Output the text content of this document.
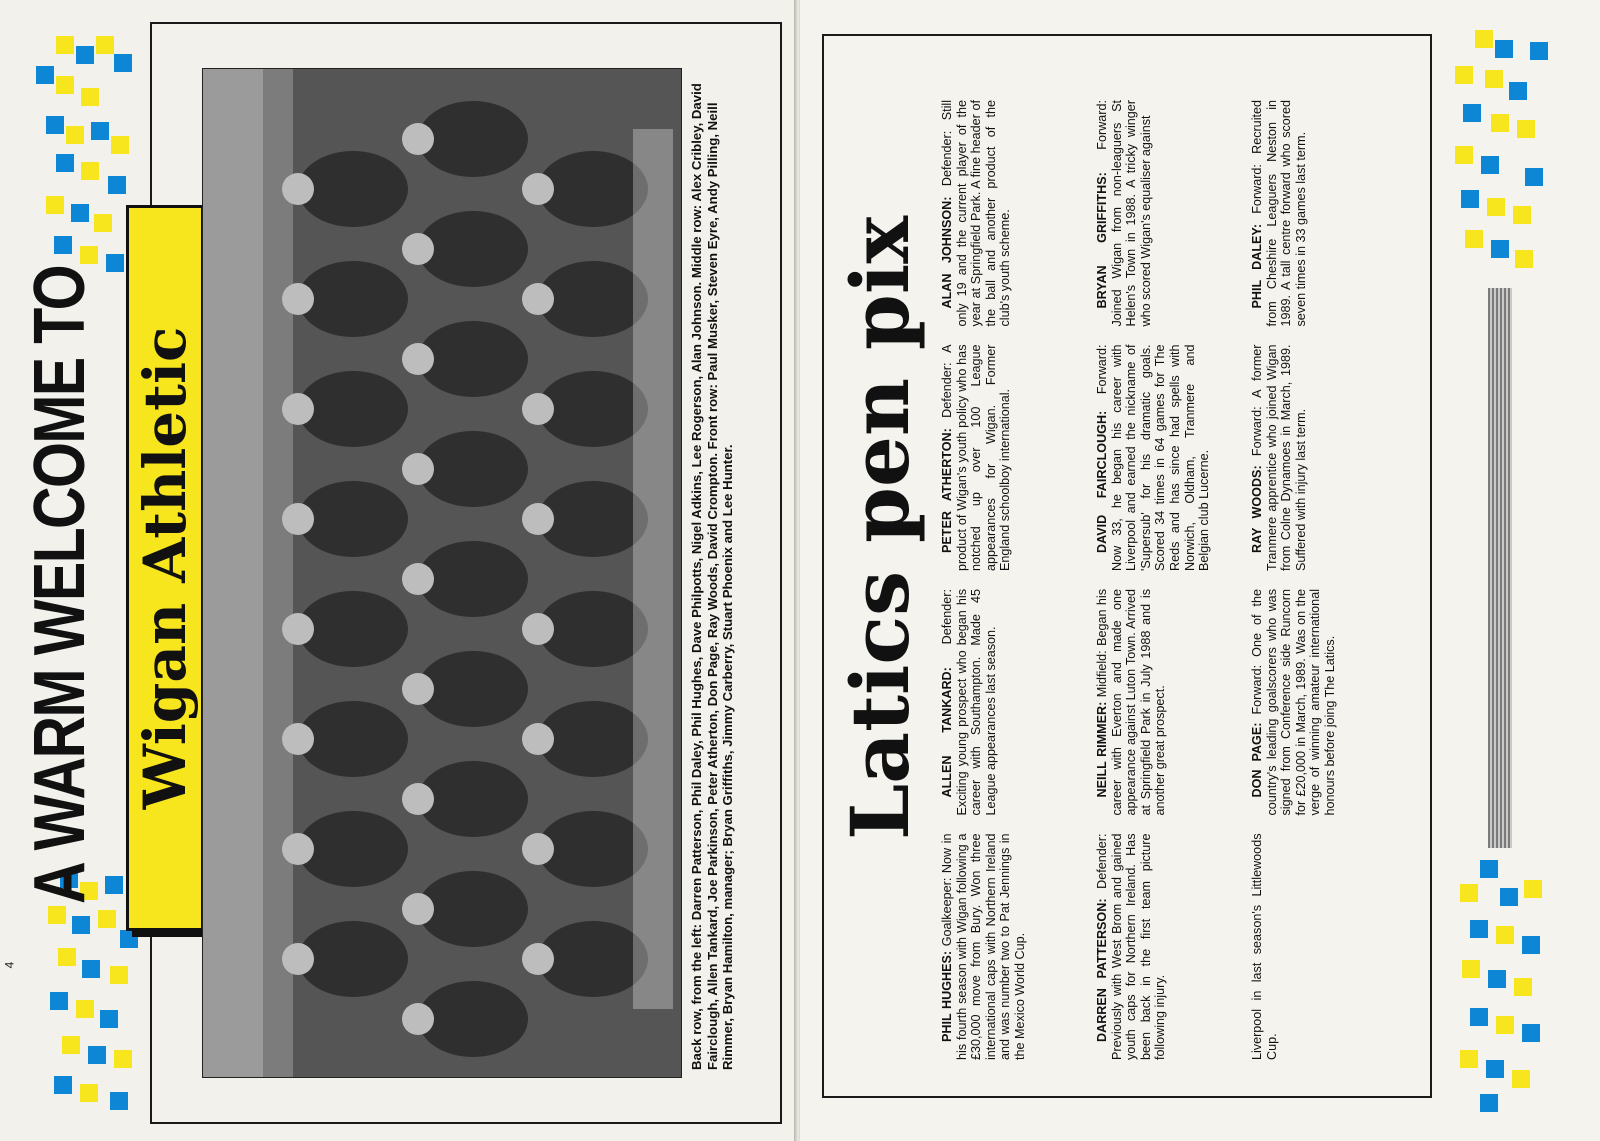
4
A WARM WELCOME TO Wigan Athletic	Back row, from the left: Darren Patterson, Phil Daley, Phil Hughes, Dave Philpotts, Nigel Adkins, Lee Rogerson, Alan Johnson. Middle row: Alex Cribley, David Fairclough, Allen Tankard, Joe Parkinson, Peter Atherton, Don Page, Ray Woods, David Crompton. Front row: Paul Musker, Steven Eyre, Andy Pilling, Neill Rimmer, Bryan Hamilton, manager; Bryan Griffiths, Jimmy Carberry, Stuart Phoenix and Lee Hunter. Latics pen pix

PHIL HUGHES: Goalkeeper: Now in his fourth season with Wigan following a £30,000 move from Bury. Won three international caps with Northern Ireland and was number two to Pat Jennings in the Mexico World Cup.

ALLEN TANKARD: Defender: Exciting young prospect who began his career with Southampton. Made 45 League appearances last season.

PETER ATHERTON: Defender: A product of Wigan's youth policy who has notched up over 100 League appearances for Wigan. Former England schoolboy international.

ALAN JOHNSON: Defender: Still only 19 and the current player of the year at Springfield Park. A fine header of the ball and another product of the club's youth scheme.

DARREN PATTERSON: Defender: Previously with West Brom and gained youth caps for Northern Ireland. Has been back in the first team picture following injury.

NEILL RIMMER: Midfield: Began his career with Everton and made one appearance against Luton Town. Arrived at Springfield Park in July 1988 and is another great prospect.

DAVID FAIRCLOUGH: Forward: Now 33, he began his career with Liverpool and earned the nickname of 'Supersub' for his dramatic goals. Scored 34 times in 64 games for The Reds and has since had spells with Norwich, Oldham, Tranmere and Belgian club Lucerne.

BRYAN GRIFFITHS: Forward: Joined Wigan from non-leaguers St Helen's Town in 1988. A tricky winger who scored Wigan's equaliser against

Liverpool in last season's Littlewoods Cup.

DON PAGE: Forward: One of the country's leading goalscorers who was signed from Conference side Runcorn for £20,000 in March, 1989. Was on the verge of winning amateur international honours before joing The Latics.

RAY WOODS: Forward: A former Tranmere apprentice who joined Wigan from Colne Dynamoes in March, 1989. Suffered with injury last term.

PHIL DALEY: Forward: Recruited from Cheshire Leaguers Neston in 1989. A tall centre forward who scored seven times in 33 games last term.
